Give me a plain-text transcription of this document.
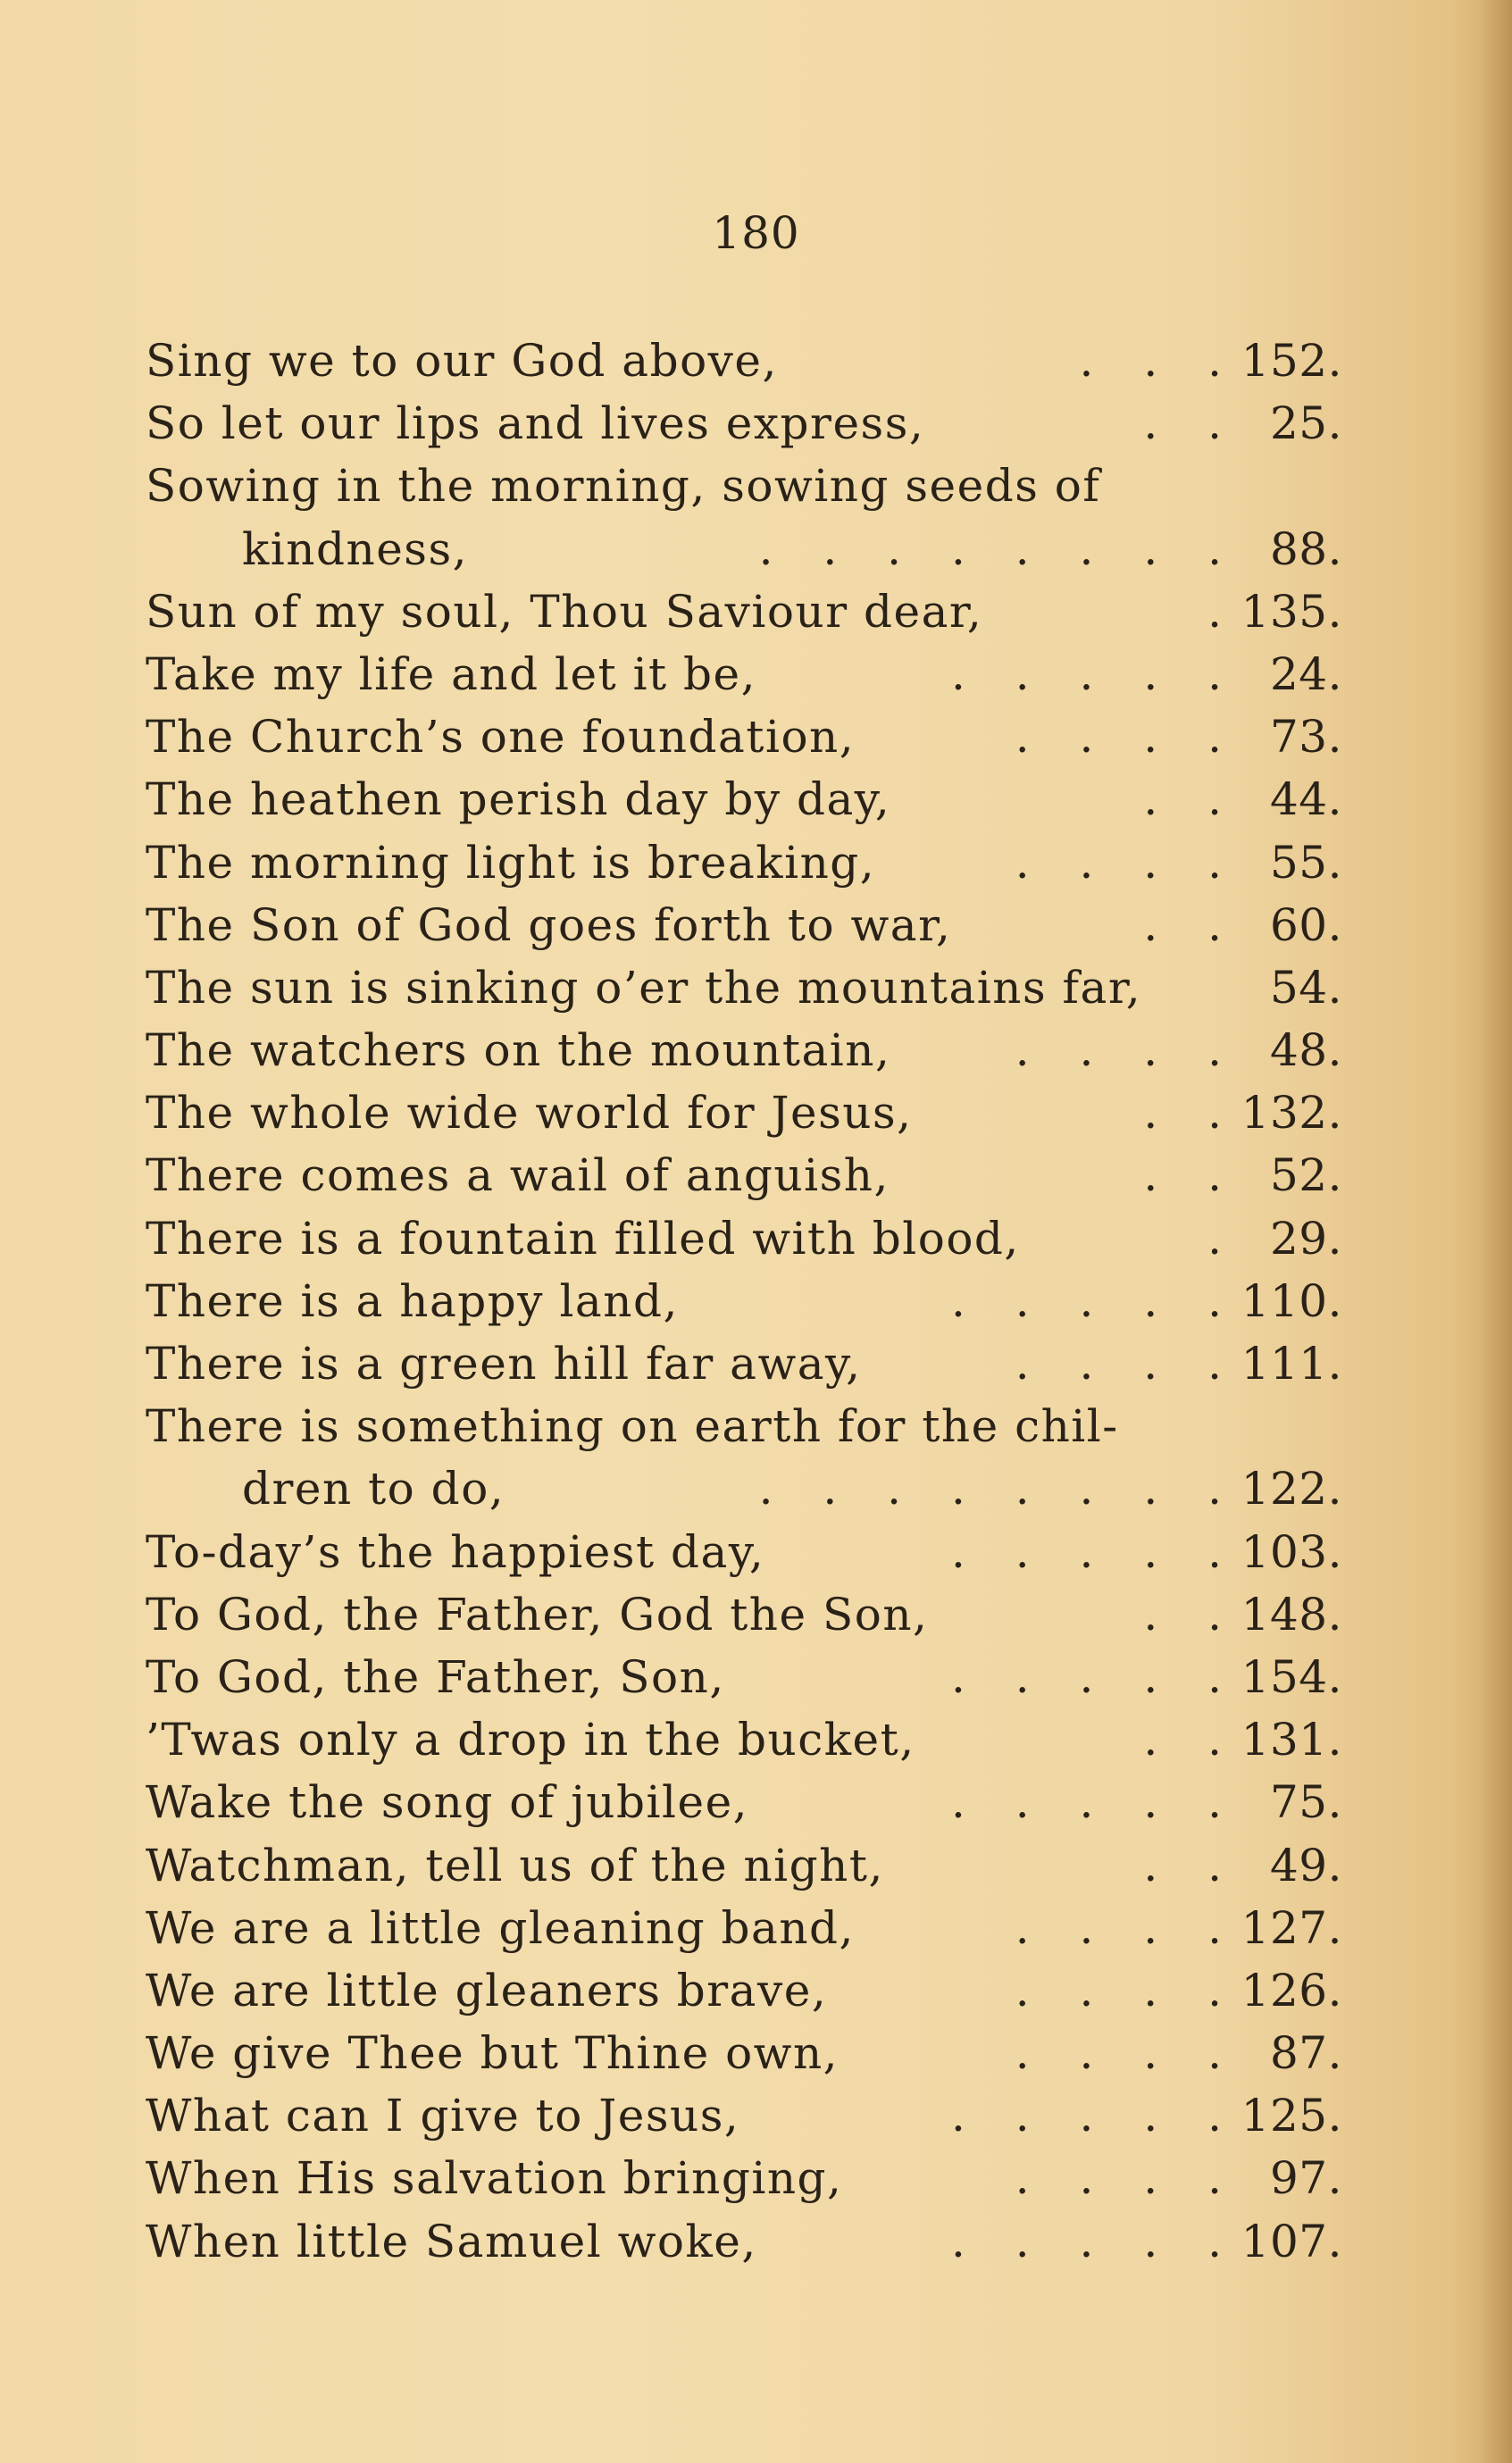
180
Sing we to our God above,	. . . 152.
So let our lips and lives express,	. . 25.
Sowing in the morning, sowing seeds of
kindness,	. . . . . . . . 88.
Sun of my soul, Thou Saviour dear,	. 135.
Take my life and let it be,	. . . . . 24.
The Church’s one foundation,	. . . . 73.
The heathen perish day by day,	. . 44.
The morning light is breaking,	. . . . 55.
The Son of God goes forth to war,	. . 60.
The sun is sinking o’er the mountains far,	54.
The watchers on the mountain,	. . . . 48.
The whole wide world for Jesus,	. . 132.
There comes a wail of anguish,	. . 52.
There is a fountain filled with blood,	. 29.
There is a happy land,	. . . . . 110.
There is a green hill far away,	. . . . 111.
There is something on earth for the chil-
dren to do,	. . . . . . . . 122.
To-day’s the happiest day,	. . . . . 103.
To God, the Father, God the Son,	. . 148.
To God, the Father, Son,	. . . . . 154.
’Twas only a drop in the bucket,	. . 131.
Wake the song of jubilee,	. . . . . 75.
Watchman, tell us of the night,	. . 49.
We are a little gleaning band,	. . . . 127.
We are little gleaners brave,	. . . . 126.
We give Thee but Thine own,	. . . . 87.
What can I give to Jesus,	. . . . . 125.
When His salvation bringing,	. . . . 97.
When little Samuel woke,	. . . . . 107.
